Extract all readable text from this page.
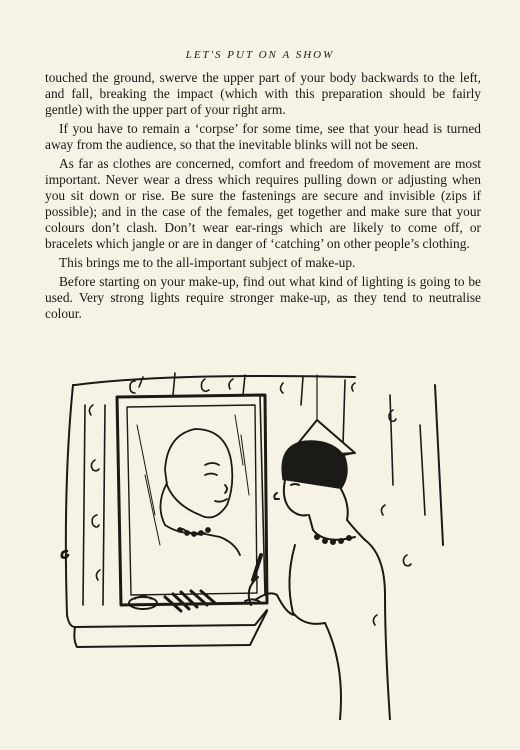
LET'S PUT ON A SHOW

touched the ground, swerve the upper part of your body backwards to the left, and fall, breaking the impact (which with this preparation should be fairly gentle) with the upper part of your right arm.

If you have to remain a ‘corpse’ for some time, see that your head is turned away from the audience, so that the inevitable blinks will not be seen.

As far as clothes are concerned, comfort and freedom of movement are most important. Never wear a dress which requires pulling down or adjusting when you sit down or rise. Be sure the fastenings are secure and invisible (zips if possible); and in the case of the females, get together and make sure that your colours don’t clash. Don’t wear ear-rings which are likely to come off, or bracelets which jangle or are in danger of ‘catching’ on other people’s clothing.

This brings me to the all-important subject of make-up.

Before starting on your make-up, find out what kind of lighting is going to be used. Very strong lights require stronger make-up, as they tend to neutralise colour.
